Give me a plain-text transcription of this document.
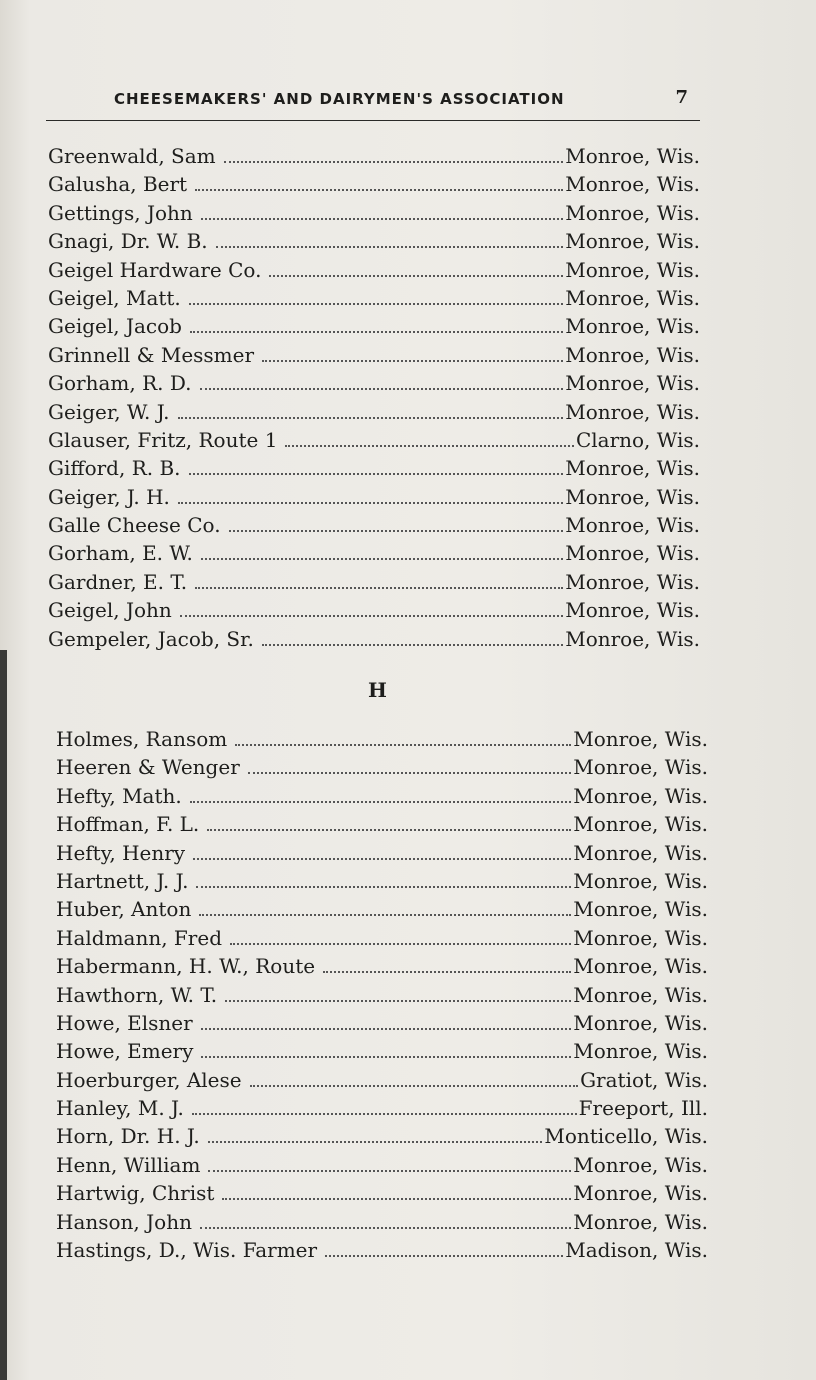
CHEESEMAKERS' AND DAIRYMEN'S ASSOCIATION	7
Greenwald, Sam	Monroe, Wis.
Galusha, Bert	Monroe, Wis.
Gettings, John	Monroe, Wis.
Gnagi, Dr. W. B.	Monroe, Wis.
Geigel Hardware Co.	Monroe, Wis.
Geigel, Matt.	Monroe, Wis.
Geigel, Jacob	Monroe, Wis.
Grinnell & Messmer	Monroe, Wis.
Gorham, R. D.	Monroe, Wis.
Geiger, W. J.	Monroe, Wis.
Glauser, Fritz, Route 1	Clarno, Wis.
Gifford, R. B.	Monroe, Wis.
Geiger, J. H.	Monroe, Wis.
Galle Cheese Co.	Monroe, Wis.
Gorham, E. W.	Monroe, Wis.
Gardner, E. T.	Monroe, Wis.
Geigel, John	Monroe, Wis.
Gempeler, Jacob, Sr.	Monroe, Wis.
H
Holmes, Ransom	Monroe, Wis.
Heeren & Wenger	Monroe, Wis.
Hefty, Math.	Monroe, Wis.
Hoffman, F. L.	Monroe, Wis.
Hefty, Henry	Monroe, Wis.
Hartnett, J. J.	Monroe, Wis.
Huber, Anton	Monroe, Wis.
Haldmann, Fred	Monroe, Wis.
Habermann, H. W., Route	Monroe, Wis.
Hawthorn, W. T.	Monroe, Wis.
Howe, Elsner	Monroe, Wis.
Howe, Emery	Monroe, Wis.
Hoerburger, Alese	Gratiot, Wis.
Hanley, M. J.	Freeport, Ill.
Horn, Dr. H. J.	Monticello, Wis.
Henn, William	Monroe, Wis.
Hartwig, Christ	Monroe, Wis.
Hanson, John	Monroe, Wis.
Hastings, D., Wis. Farmer	Madison, Wis.
